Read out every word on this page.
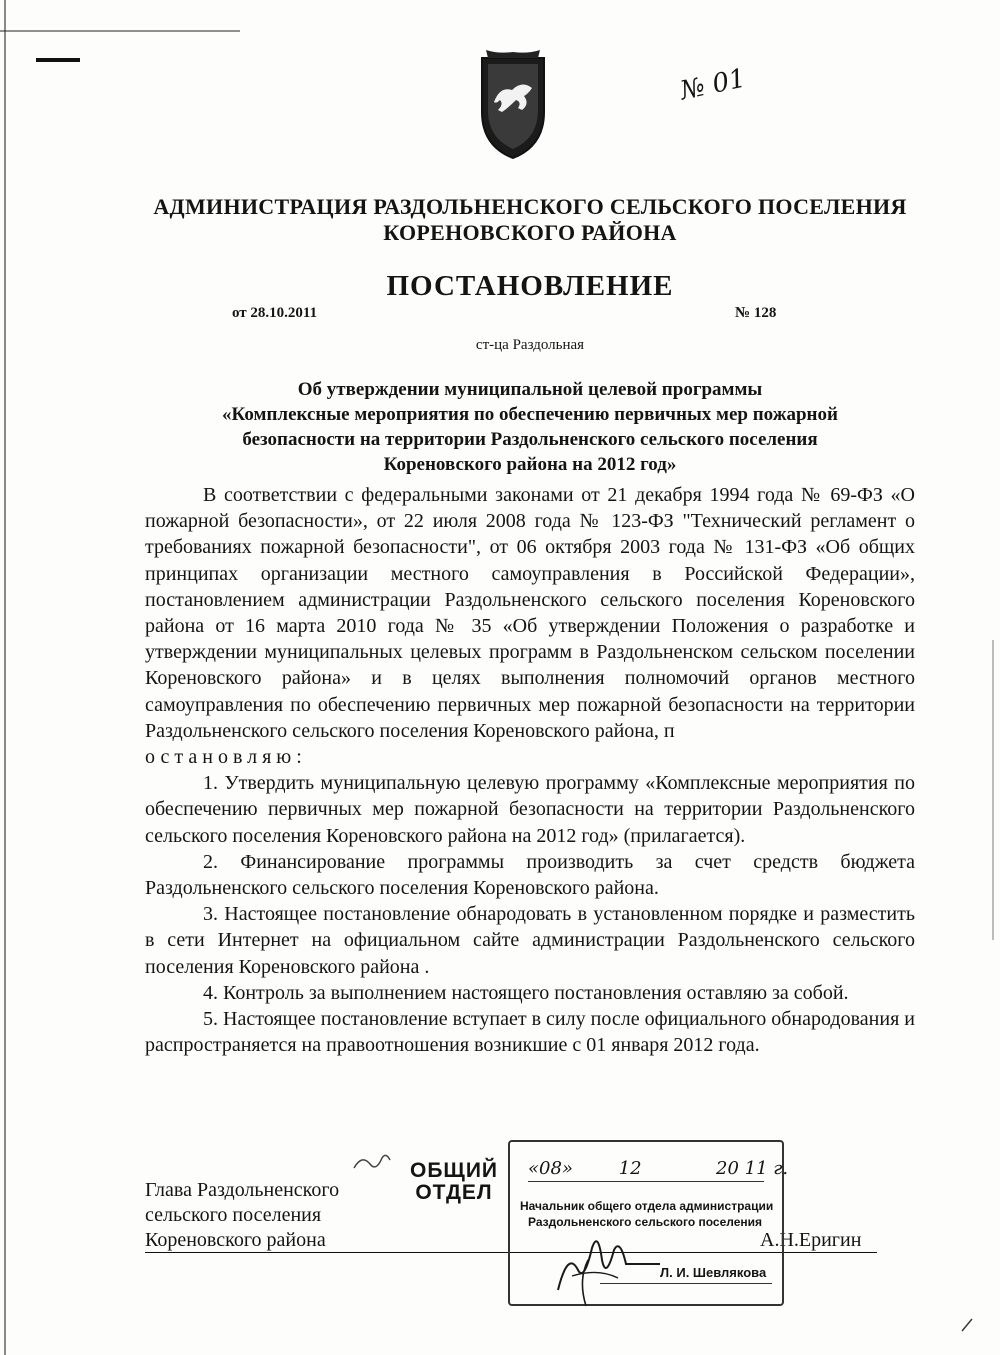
№ 01
АДМИНИСТРАЦИЯ РАЗДОЛЬНЕНСКОГО СЕЛЬСКОГО ПОСЕЛЕНИЯ
КОРЕНОВСКОГО РАЙОНА
ПОСТАНОВЛЕНИЕ
от 28.10.2011	№ 128
ст-ца Раздольная
Об утверждении муниципальной целевой программы
«Комплексные мероприятия по обеспечению первичных мер пожарной
безопасности на территории Раздольненского сельского поселения
Кореновского района на 2012 год»

В соответствии с федеральными законами от 21 декабря 1994 года № 69-ФЗ «О пожарной безопасности», от 22 июля 2008 года № 123-ФЗ "Технический регламент о требованиях пожарной безопасности", от 06 октября 2003 года № 131-ФЗ «Об общих принципах организации местного самоуправления в Российской Федерации», постановлением администрации Раздольненского сельского поселения Кореновского района от 16 марта 2010 года № 35 «Об утверждении Положения о разработке и утверждении муниципальных целевых программ в Раздольненском сельском поселении Кореновского района» и в целях выполнения полномочий органов местного самоуправления по обеспечению первичных мер пожарной безопасности на территории Раздольненского сельского поселения Кореновского района, п
остановляю:

1. Утвердить муниципальную целевую программу «Комплексные мероприятия по обеспечению первичных мер пожарной безопасности на территории Раздольненского сельского поселения Кореновского района на 2012 год» (прилагается).

2. Финансирование программы производить за счет средств бюджета Раздольненского сельского поселения Кореновского района.

3. Настоящее постановление обнародовать в установленном порядке и разместить в сети Интернет на официальном сайте администрации Раздольненского сельского поселения Кореновского района .

4. Контроль за выполнением настоящего постановления оставляю за собой.

5. Настоящее постановление вступает в силу после официального обнародования и распространяется на правоотношения возникшие с 01 января 2012 года.

Глава Раздольненского
сельского поселения
Кореновского района	А.Н.Еригин
ОБЩИЙ
ОТДЕЛ
«08»	12	20 11 г.
Начальник общего отдела администрации
Раздольненского сельского поселения
Л. И. Шевлякова
